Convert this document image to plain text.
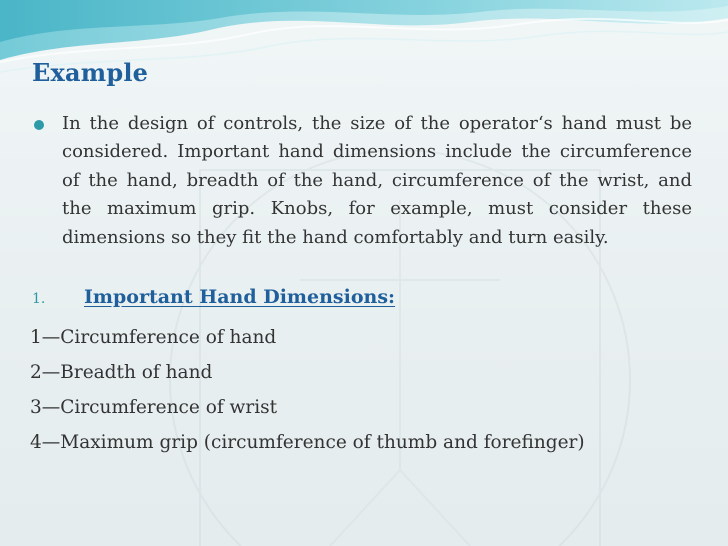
Example
In the design of controls, the size of the operator‘s hand must be considered. Important hand dimensions include the circumference of the hand, breadth of the hand, circumference of the wrist, and the maximum grip. Knobs, for example, must consider these dimensions so they fit the hand comfortably and turn easily.
1.	Important Hand Dimensions:
1—Circumference of hand
2—Breadth of hand
3—Circumference of wrist
4—Maximum grip (circumference of thumb and forefinger)
